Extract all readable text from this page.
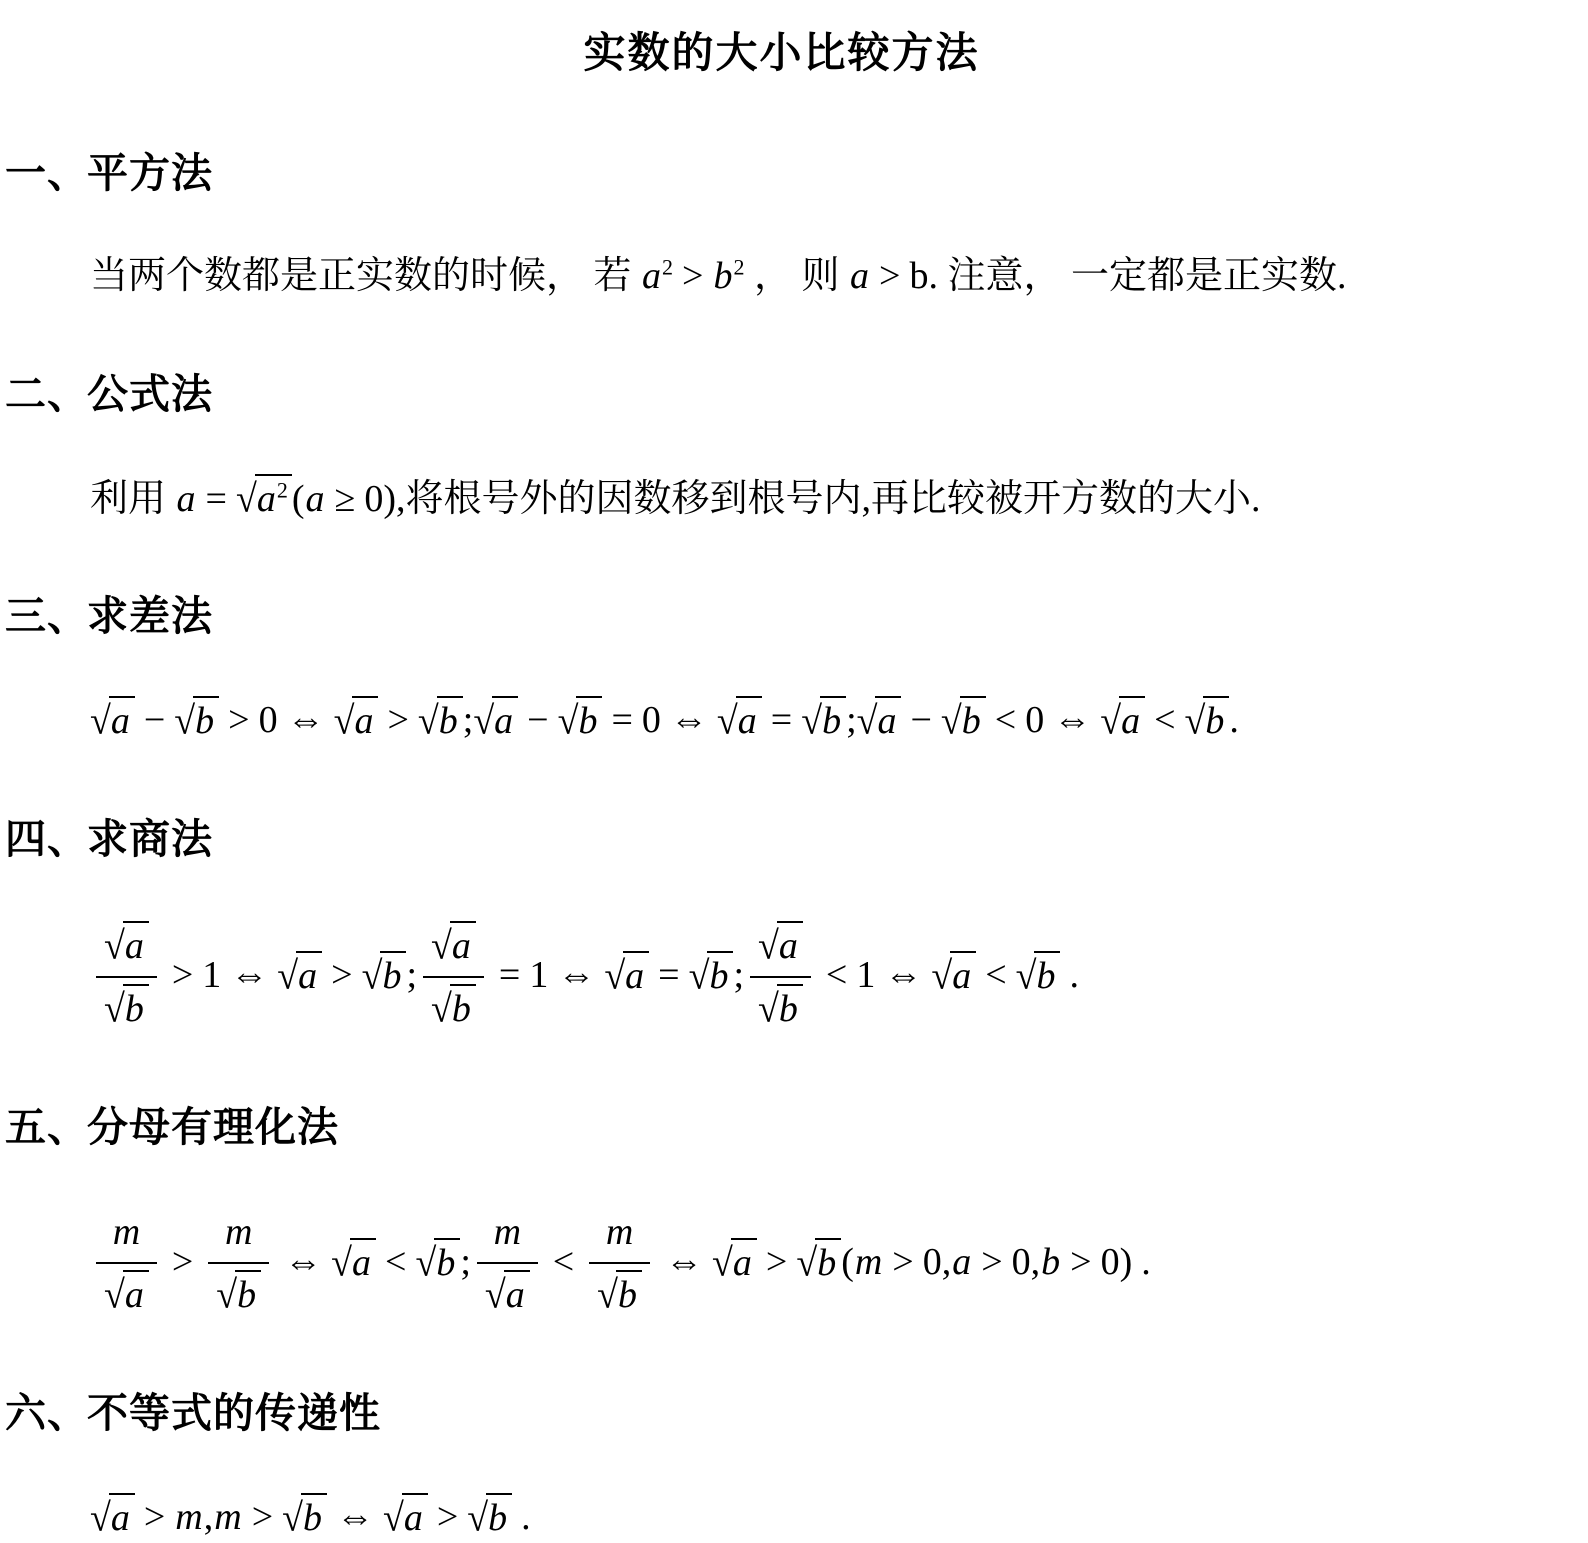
实数的大小比较方法
一、
平方法
当两个数都是正实数的时候， 若 $a^2 > b^2$ ， 则 a > b. 注意， 一定都是正实数.
二、
公式法
利用 $a = √a^2$ (a ≥ 0),将根号外的因数移到根号内,再比较被开方数的大小.
三、
求差法
√a − √b > 0 ⇔ √a > √b ; √a − √b = 0 ⇔ √a = √b ; √a − √b < 0 ⇔ √a < √b .
四、
求商法
$\frac{√a}{√b} > 1$ ⇔ √a > √b ; $\frac{√a}{√b} = 1$ ⇔ √a = √b ; $\frac{√a}{√b} < 1$ ⇔ √a < √b .
五、
分母有理化法
$\frac{m}{√a} > \frac{m}{√b}$ ⇔ √a < √b ; $\frac{m}{√a} < \frac{m}{√b}$ ⇔ √a > √b ( m > 0, a > 0, b > 0) .
六、
不等式的传递性
√a > m , m > √b ⇔ √a > √b .
